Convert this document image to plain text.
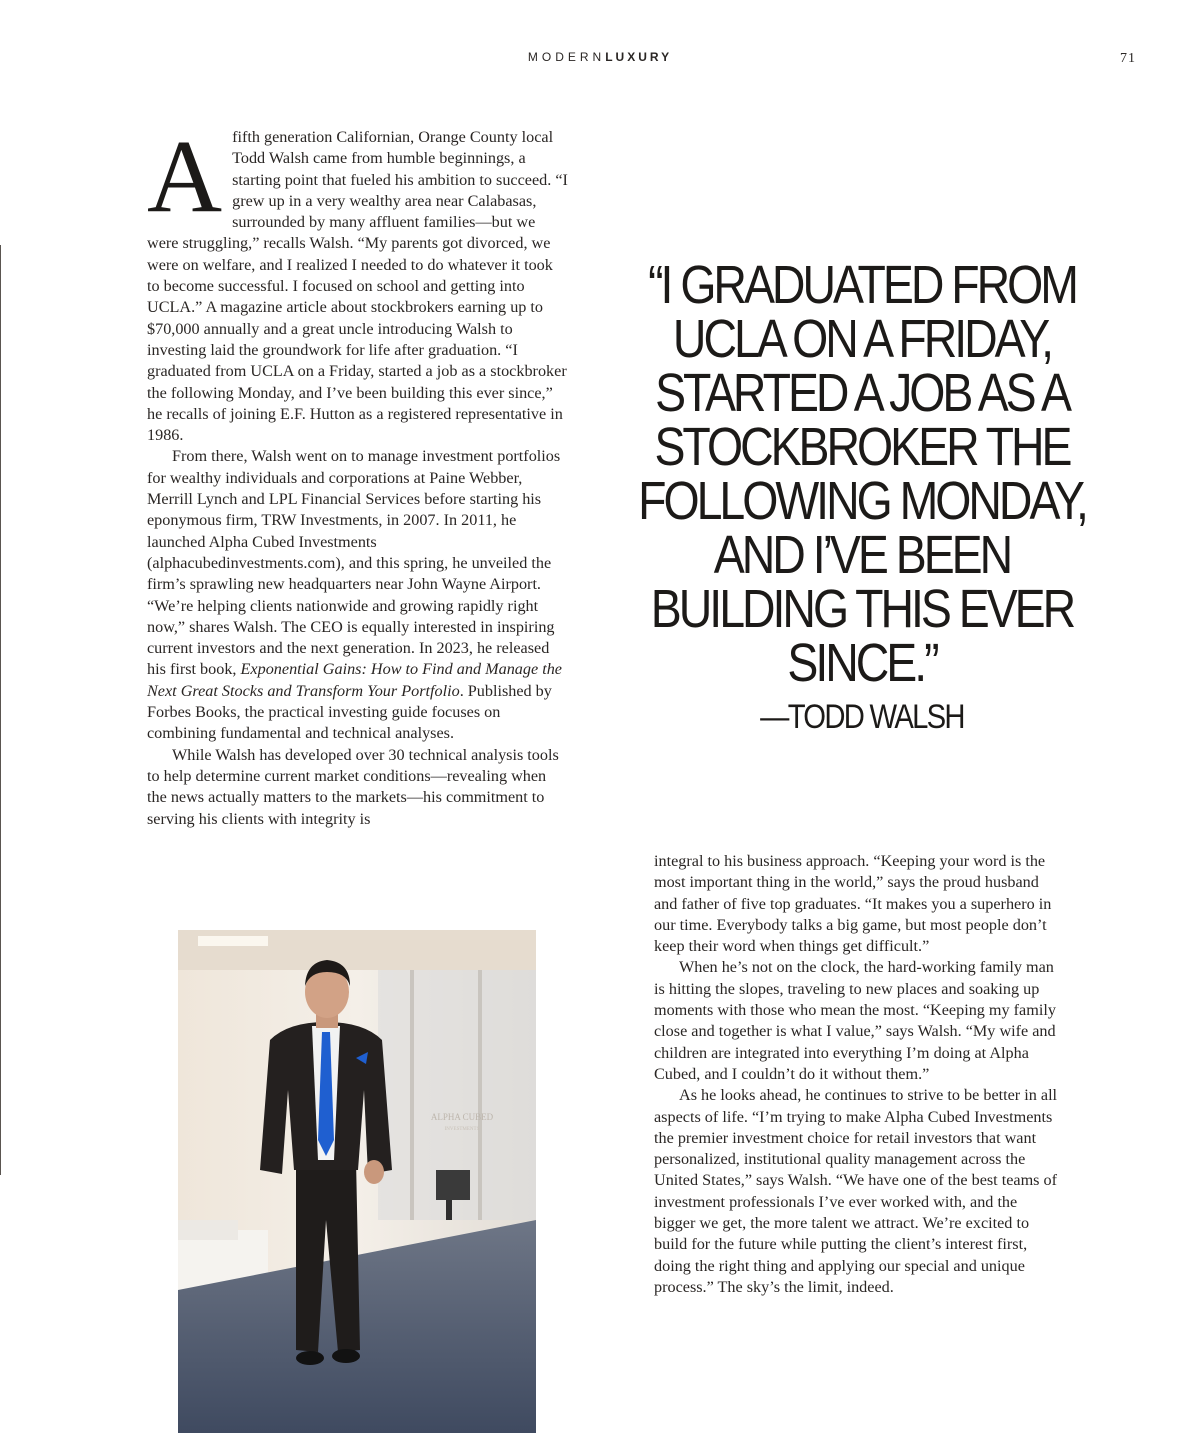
MODERNLUXURY	71

Afifth generation Californian, Orange County local Todd Walsh came from humble beginnings, a starting point that fueled his ambition to succeed. “I grew up in a very wealthy area near Calabasas, surrounded by many affluent families—but we were struggling,” recalls Walsh. “My parents got divorced, we were on welfare, and I realized I needed to do whatever it took to become successful. I focused on school and getting into UCLA.” A magazine article about stockbrokers earning up to $70,000 annually and a great uncle introducing Walsh to investing laid the groundwork for life after graduation. “I graduated from UCLA on a Friday, started a job as a stockbroker the following Monday, and I’ve been building this ever since,” he recalls of joining E.F. Hutton as a registered representative in 1986.

From there, Walsh went on to manage investment portfolios for wealthy individuals and corporations at Paine Webber, Merrill Lynch and LPL Financial Services before starting his eponymous firm, TRW Investments, in 2007. In 2011, he launched Alpha Cubed Investments (alphacubedinvestments.com), and this spring, he unveiled the firm’s sprawling new headquarters near John Wayne Airport. “We’re helping clients nationwide and growing rapidly right now,” shares Walsh. The CEO is equally interested in inspiring current investors and the next generation. In 2023, he released his first book, Exponential Gains: How to Find and Manage the Next Great Stocks and Transform Your Portfolio. Published by Forbes Books, the practical investing guide focuses on combining fundamental and technical analyses.

While Walsh has developed over 30 technical analysis tools to help determine current market conditions—revealing when the news actually matters to the markets—his commitment to serving his clients with integrity is

“I GRADUATED FROM UCLA ON A FRIDAY, STARTED A JOB AS A STOCKBROKER THE FOLLOWING MONDAY, AND I’VE BEEN BUILDING THIS EVER SINCE.”
—TODD WALSH

integral to his business approach. “Keeping your word is the most important thing in the world,” says the proud husband and father of five top graduates. “It makes you a superhero in our time. Everybody talks a big game, but most people don’t keep their word when things get difficult.”

When he’s not on the clock, the hard-working family man is hitting the slopes, traveling to new places and soaking up moments with those who mean the most. “Keeping my family close and together is what I value,” says Walsh. “My wife and children are integrated into everything I’m doing at Alpha Cubed, and I couldn’t do it without them.”

As he looks ahead, he continues to strive to be better in all aspects of life. “I’m trying to make Alpha Cubed Investments the premier investment choice for retail investors that want personalized, institutional quality management across the United States,” says Walsh. “We have one of the best teams of investment professionals I’ve ever worked with, and the bigger we get, the more talent we attract. We’re excited to build for the future while putting the client’s interest first, doing the right thing and applying our special and unique process.” The sky’s the limit, indeed.

ALPHA CUBED
INVESTMENTS
